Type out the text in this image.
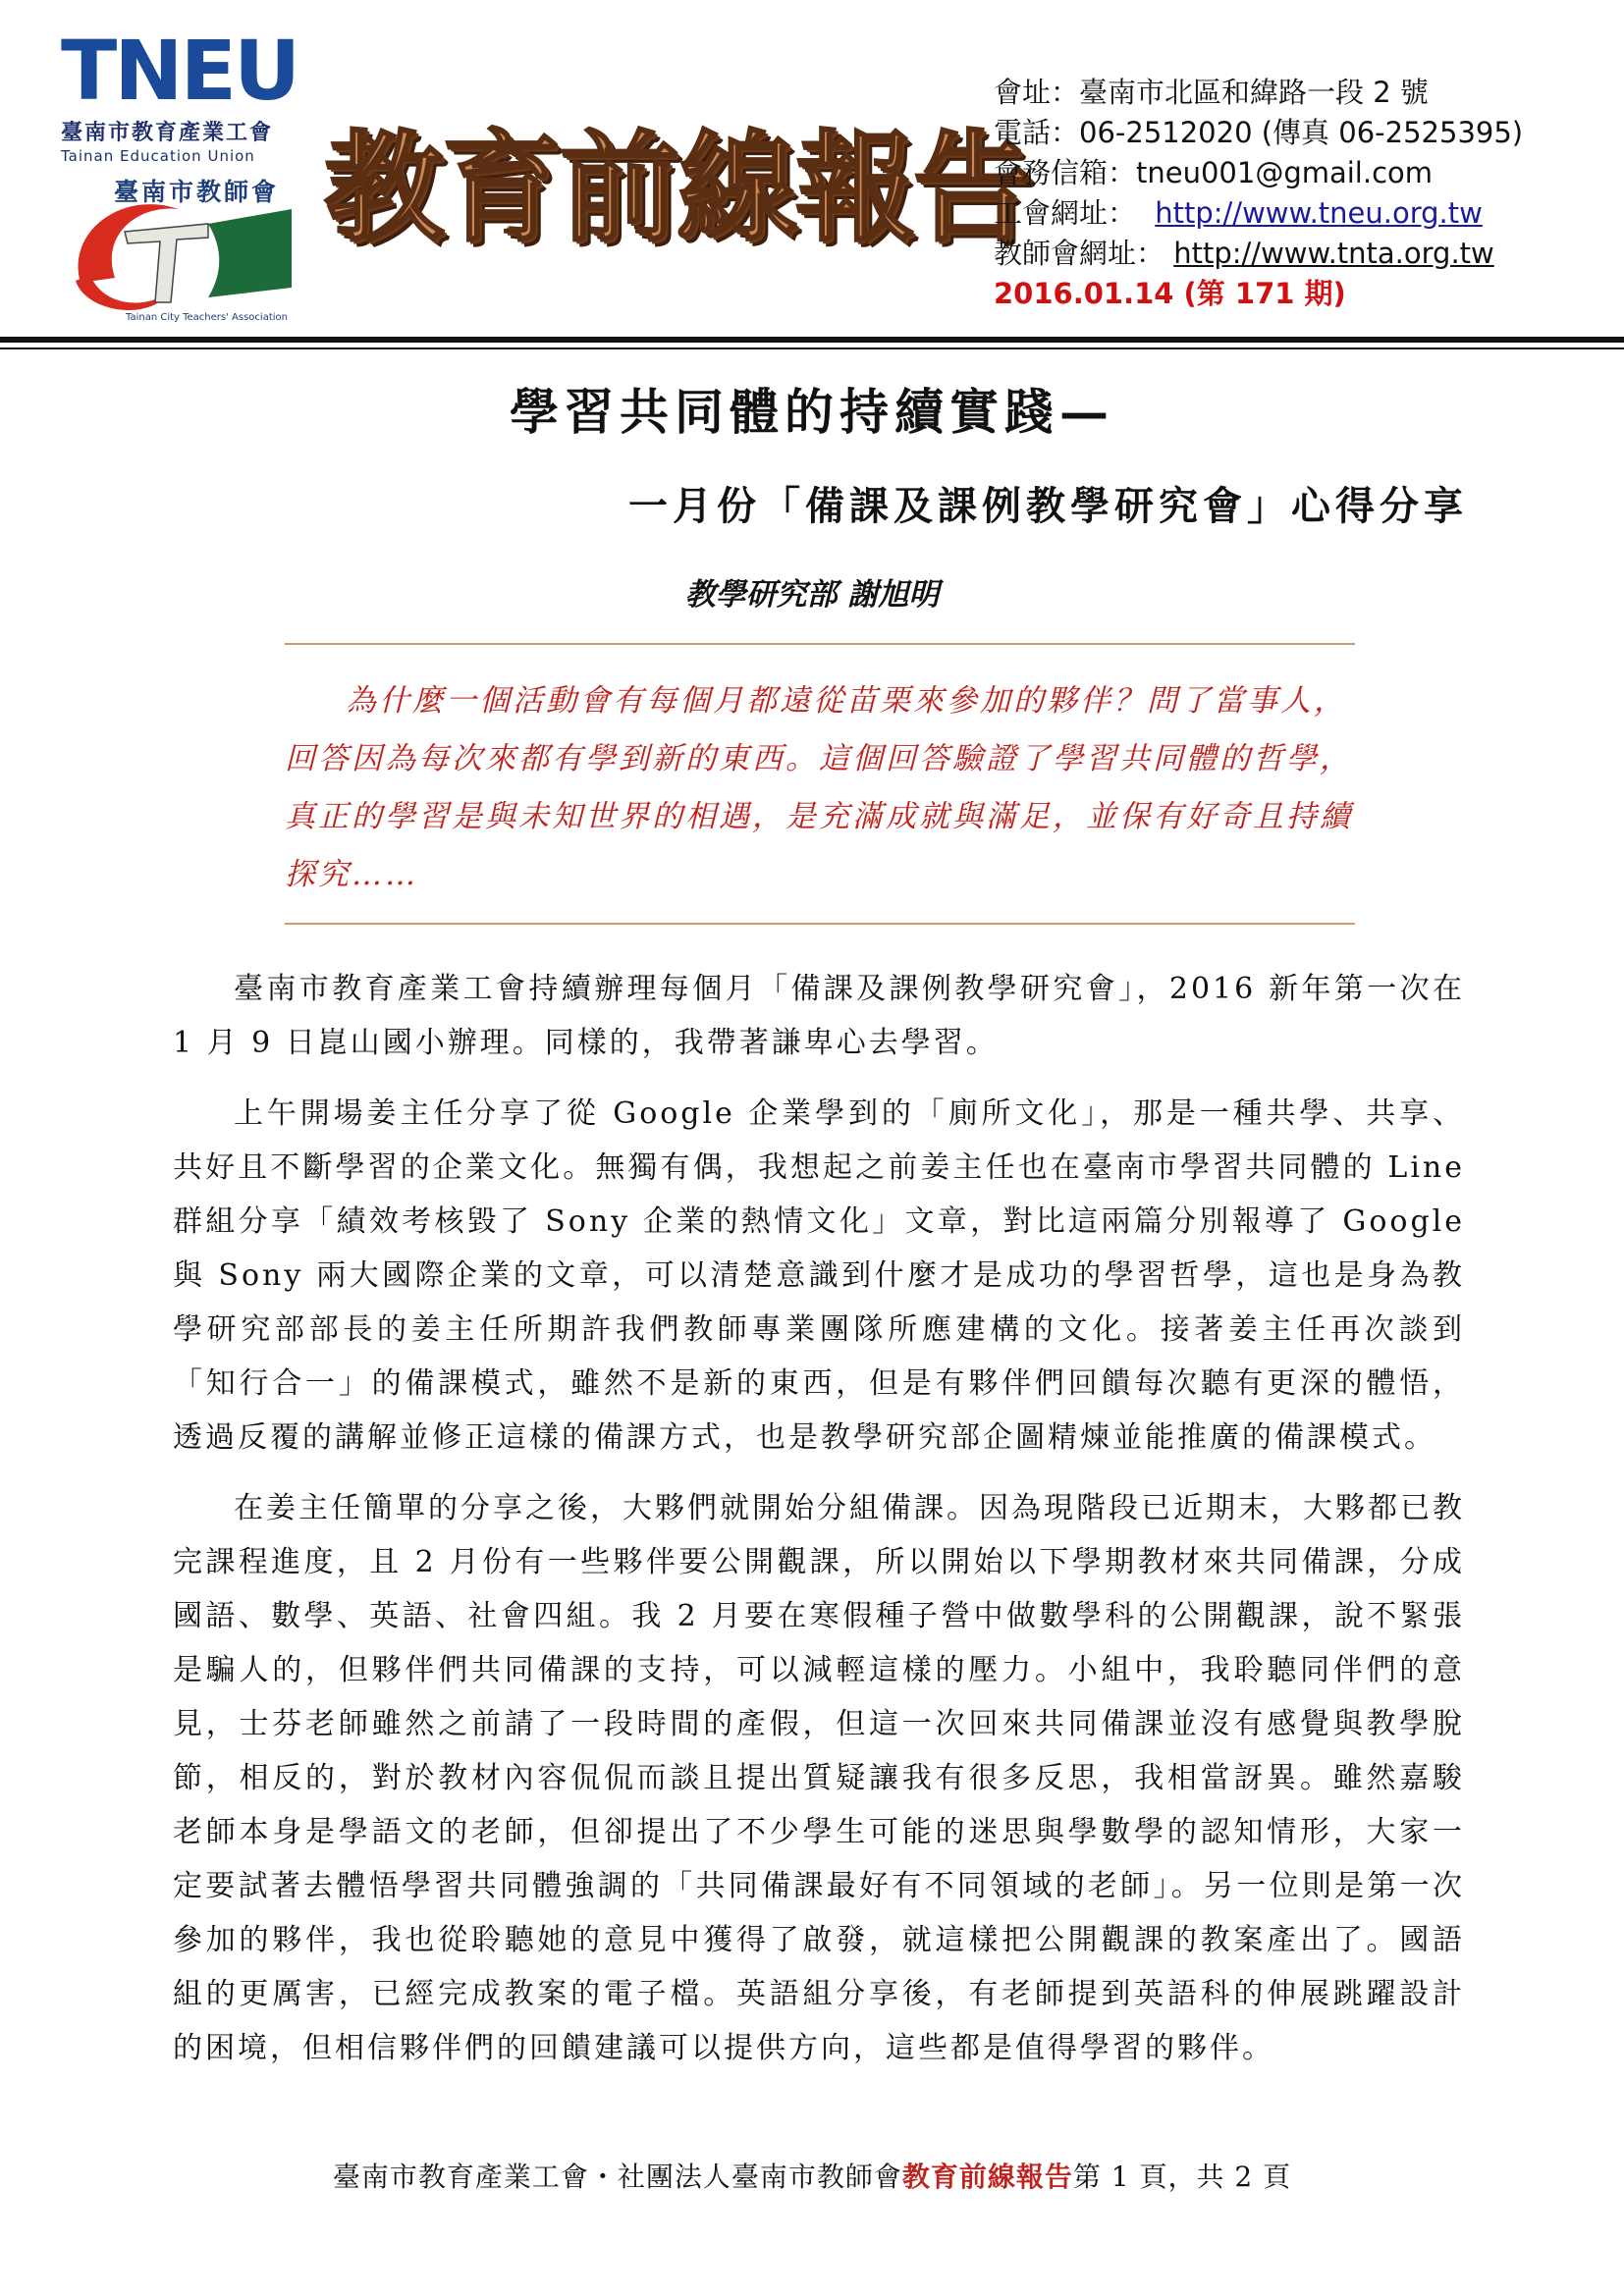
TNEU
臺南市教育產業工會
Tainan Education Union
臺南市教師會
Tainan City Teachers' Association
教育前線報告
會址：臺南市北區和緯路一段 2 號
電話：06-2512020 (傳真 06-2525395)
會務信箱：tneu001@gmail.com
工會網址： http://www.tneu.org.tw
教師會網址： http://www.tnta.org.tw
2016.01.14 (第 171 期)
學習共同體的持續實踐—
一月份「備課及課例教學研究會」心得分享
教學研究部 謝旭明
為什麼一個活動會有每個月都遠從苗栗來參加的夥伴？問了當事人，回答因為每次來都有學到新的東西。這個回答驗證了學習共同體的哲學，真正的學習是與未知世界的相遇，是充滿成就與滿足，並保有好奇且持續探究……

臺南市教育產業工會持續辦理每個月「備課及課例教學研究會」，2016 新年第一次在 1 月 9 日崑山國小辦理。同樣的，我帶著謙卑心去學習。

上午開場姜主任分享了從 Google 企業學到的「廁所文化」，那是一種共學、共享、共好且不斷學習的企業文化。無獨有偶，我想起之前姜主任也在臺南市學習共同體的 Line 群組分享「績效考核毀了 Sony 企業的熱情文化」文章，對比這兩篇分別報導了 Google 與 Sony 兩大國際企業的文章，可以清楚意識到什麼才是成功的學習哲學，這也是身為教學研究部部長的姜主任所期許我們教師專業團隊所應建構的文化。接著姜主任再次談到「知行合一」的備課模式，雖然不是新的東西，但是有夥伴們回饋每次聽有更深的體悟，透過反覆的講解並修正這樣的備課方式，也是教學研究部企圖精煉並能推廣的備課模式。

在姜主任簡單的分享之後，大夥們就開始分組備課。因為現階段已近期末，大夥都已教完課程進度，且 2 月份有一些夥伴要公開觀課，所以開始以下學期教材來共同備課，分成國語、數學、英語、社會四組。我 2 月要在寒假種子營中做數學科的公開觀課，說不緊張是騙人的，但夥伴們共同備課的支持，可以減輕這樣的壓力。小組中，我聆聽同伴們的意見，士芬老師雖然之前請了一段時間的產假，但這一次回來共同備課並沒有感覺與教學脫節，相反的，對於教材內容侃侃而談且提出質疑讓我有很多反思，我相當訝異。雖然嘉駿老師本身是學語文的老師，但卻提出了不少學生可能的迷思與學數學的認知情形，大家一定要試著去體悟學習共同體強調的「共同備課最好有不同領域的老師」。另一位則是第一次參加的夥伴，我也從聆聽她的意見中獲得了啟發，就這樣把公開觀課的教案產出了。國語組的更厲害，已經完成教案的電子檔。英語組分享後，有老師提到英語科的伸展跳躍設計的困境，但相信夥伴們的回饋建議可以提供方向，這些都是值得學習的夥伴。

臺南市教育產業工會・社團法人臺南市教師會教育前線報告第 1 頁，共 2 頁
